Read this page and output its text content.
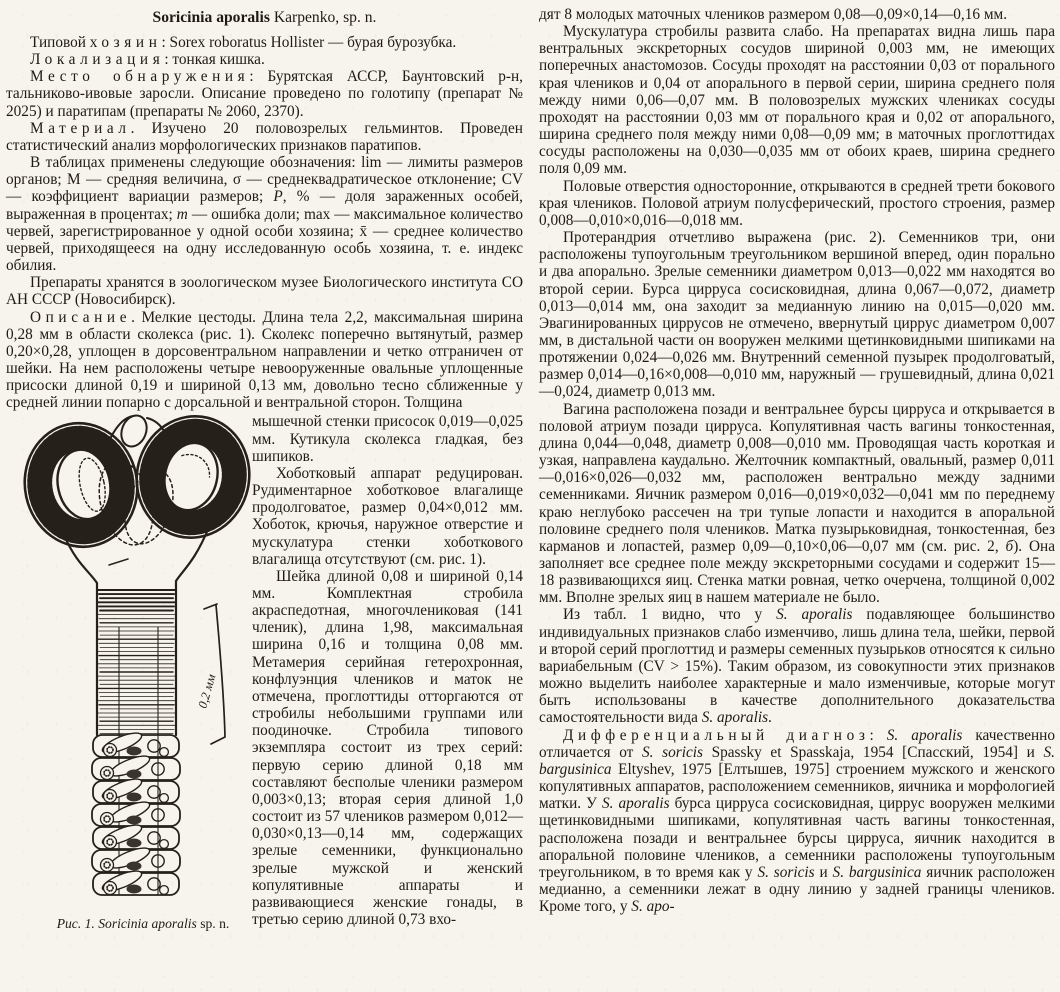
Soricinia aporalis Karpenko, sp. n.

Типовой хозяин: Sorex roboratus Hollister — бурая бурозубка.

Локализация: тонкая кишка.

Место обнаружения: Бурятская АССР, Баунтовский р-н, тальниково-ивовые заросли. Описание проведено по голотипу (препарат № 2025) и паратипам (препараты № 2060, 2370).

Материал. Изучено 20 половозрелых гельминтов. Проведен статистический анализ морфологических признаков паратипов.

В таблицах применены следующие обозначения: lim — лимиты размеров органов; M — средняя величина, σ — среднеквадратическое отклонение; CV — коэффициент вариации размеров; P, % — доля зараженных особей, выраженная в процентах; m — ошибка доли; max — максимальное количество червей, зарегистрированное у одной особи хозяина; x̄ — среднее количество червей, приходящееся на одну исследованную особь хозяина, т. е. индекс обилия.

Препараты хранятся в зоологическом музее Биологического института СО АН СССР (Новосибирск).

Описание. Мелкие цестоды. Длина тела 2,2, максимальная ширина 0,28 мм в области сколекса (рис. 1). Сколекс поперечно вытянутый, размер 0,20×0,28, уплощен в дорсовентральном направлении и четко отграничен от шейки. На нем расположены четыре невооруженные овальные уплощенные присоски длиной 0,19 и шириной 0,13 мм, довольно тесно сближенные у средней линии попарно с дорсальной и вентральной сторон. Толщина

0,2 мм
Рис. 1. Soricinia aporalis sp. n.

мышечной стенки присосок 0,019—0,025 мм. Кутикула сколекса гладкая, без шипиков.

Хоботковый аппарат редуцирован. Рудиментарное хоботковое влагалище продолговатое, размер 0,04×0,012 мм. Хоботок, крючья, наружное отверстие и мускулатура стенки хоботкового влагалища отсутствуют (см. рис. 1).

Шейка длиной 0,08 и шириной 0,14 мм. Комплектная стробила акраспедотная, многочлениковая (141 членик), длина 1,98, максимальная ширина 0,16 и толщина 0,08 мм. Метамерия серийная гетерохронная, конфлуэнция члеников и маток не отмечена, проглоттиды отторгаются от стробилы небольшими группами или поодиночке. Стробила типового экземпляра состоит из трех серий: первую серию длиной 0,18 мм составляют бесполые членики размером 0,003×0,13; вторая серия длиной 1,0 состоит из 57 члеников размером 0,012—0,030×0,13—0,14 мм, содержащих зрелые семенники, функционально зрелые мужской и женский копулятивные аппараты и развивающиеся женские гонады, в третью серию длиной 0,73 вхо-

дят 8 молодых маточных члеников размером 0,08—0,09×0,14—0,16 мм.

Мускулатура стробилы развита слабо. На препаратах видна лишь пара вентральных экскреторных сосудов шириной 0,003 мм, не имеющих поперечных анастомозов. Сосуды проходят на расстоянии 0,03 от порального края члеников и 0,04 от апорального в первой серии, ширина среднего поля между ними 0,06—0,07 мм. В половозрелых мужских члениках сосуды проходят на расстоянии 0,03 мм от порального края и 0,02 от апорального, ширина среднего поля между ними 0,08—0,09 мм; в маточных проглоттидах сосуды расположены на 0,030—0,035 мм от обоих краев, ширина среднего поля 0,09 мм.

Половые отверстия односторонние, открываются в средней трети бокового края члеников. Половой атриум полусферический, простого строения, размер 0,008—0,010×0,016—0,018 мм.

Протерандрия отчетливо выражена (рис. 2). Семенников три, они расположены тупоугольным треугольником вершиной вперед, один порально и два апорально. Зрелые семенники диаметром 0,013—0,022 мм находятся во второй серии. Бурса цирруса сосисковидная, длина 0,067—0,072, диаметр 0,013—0,014 мм, она заходит за медианную линию на 0,015—0,020 мм. Эвагинированных циррусов не отмечено, ввернутый циррус диаметром 0,007 мм, в дистальной части он вооружен мелкими щетинковидными шипиками на протяжении 0,024—0,026 мм. Внутренний семенной пузырек продолговатый, размер 0,014—0,16×0,008—0,010 мм, наружный — грушевидный, длина 0,021—0,024, диаметр 0,013 мм.

Вагина расположена позади и вентральнее бурсы цирруса и открывается в половой атриум позади цирруса. Копулятивная часть вагины тонкостенная, длина 0,044—0,048, диаметр 0,008—0,010 мм. Проводящая часть короткая и узкая, направлена каудально. Желточник компактный, овальный, размер 0,011—0,016×0,026—0,032 мм, расположен вентрально между задними семенниками. Яичник размером 0,016—0,019×0,032—0,041 мм по переднему краю неглубоко рассечен на три тупые лопасти и находится в апоральной половине среднего поля члеников. Матка пузырьковидная, тонкостенная, без карманов и лопастей, размер 0,09—0,10×0,06—0,07 мм (см. рис. 2, б). Она заполняет все среднее поле между экскреторными сосудами и содержит 15—18 развивающихся яиц. Стенка матки ровная, четко очерчена, толщиной 0,002 мм. Вполне зрелых яиц в нашем материале не было.

Из табл. 1 видно, что у S. aporalis подавляющее большинство индивидуальных признаков слабо изменчиво, лишь длина тела, шейки, первой и второй серий проглоттид и размеры семенных пузырьков относятся к сильно вариабельным (CV > 15%). Таким образом, из совокупности этих признаков можно выделить наиболее характерные и мало изменчивые, которые могут быть использованы в качестве дополнительного доказательства самостоятельности вида S. aporalis.

Дифференциальный диагноз: S. aporalis качественно отличается от S. soricis Spassky et Spasskaja, 1954 [Спасский, 1954] и S. bargusinica Eltyshev, 1975 [Елтышев, 1975] строением мужского и женского копулятивных аппаратов, расположением семенников, яичника и морфологией матки. У S. aporalis бурса цирруса сосисковидная, циррус вооружен мелкими щетинковидными шипиками, копулятивная часть вагины тонкостенная, расположена позади и вентральнее бурсы цирруса, яичник находится в апоральной половине члеников, а семенники расположены тупоугольным треугольником, в то время как у S. soricis и S. bargusinica яичник расположен медианно, а семенники лежат в одну линию у задней границы члеников. Кроме того, у S. apo-
